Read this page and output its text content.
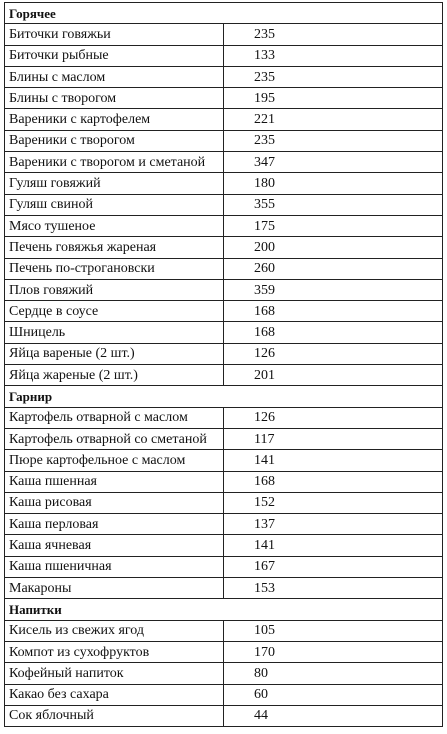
Горячее	
Биточки говяжьи	235
Биточки рыбные	133
Блины с маслом	235
Блины с творогом	195
Вареники с картофелем	221
Вареники с творогом	235
Вареники с творогом и сметаной	347
Гуляш говяжий	180
Гуляш свиной	355
Мясо тушеное	175
Печень говяжья жареная	200
Печень по-строгановски	260
Плов говяжий	359
Сердце в соусе	168
Шницель	168
Яйца вареные (2 шт.)	126
Яйца жареные (2 шт.)	201
Гарнир	
Картофель отварной с маслом	126
Картофель отварной со сметаной	117
Пюре картофельное с маслом	141
Каша пшенная	168
Каша рисовая	152
Каша перловая	137
Каша ячневая	141
Каша пшеничная	167
Макароны	153
Напитки	
Кисель из свежих ягод	105
Компот из сухофруктов	170
Кофейный напиток	80
Какао без сахара	60
Сок яблочный	44
